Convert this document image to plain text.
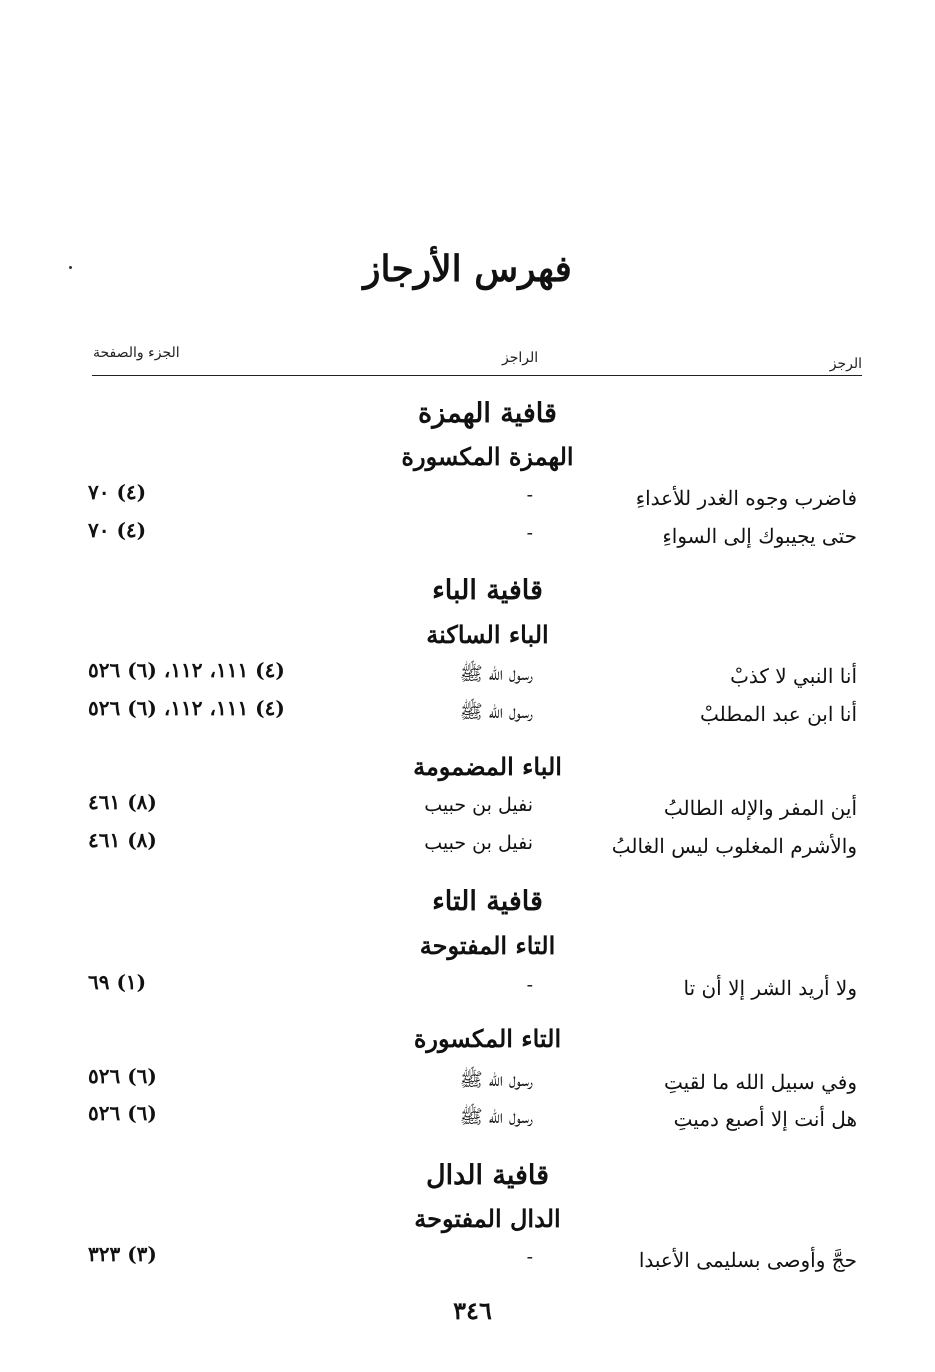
فهرس الأرجاز
الرجز
الراجز
الجزء والصفحة
قافية الهمزة
الهمزة المكسورة
فاضرب وجوه الغدر للأعداءِ
-
(٤) ٧٠
حتى يجيبوك إلى السواءِ
-
(٤) ٧٠
قافية الباء
الباء الساكنة
أنا النبي لا كذبْ
رسول الله ﷺ
(٤) ١١١، ١١٢، (٦) ٥٢٦
أنا ابن عبد المطلبْ
رسول الله ﷺ
(٤) ١١١، ١١٢، (٦) ٥٢٦
الباء المضمومة
أين المفر والإله الطالبُ
نفيل بن حبيب
(٨) ٤٦١
والأشرم المغلوب ليس الغالبُ
نفيل بن حبيب
(٨) ٤٦١
قافية التاء
التاء المفتوحة
ولا أريد الشر إلا أن تا
-
(١) ٦٩
التاء المكسورة
وفي سبيل الله ما لقيتِ
رسول الله ﷺ
(٦) ٥٢٦
هل أنت إلا أصبع دميتِ
رسول الله ﷺ
(٦) ٥٢٦
قافية الدال
الدال المفتوحة
حجَّ وأوصى بسليمى الأعبدا
-
(٣) ٣٢٣
٣٤٦
